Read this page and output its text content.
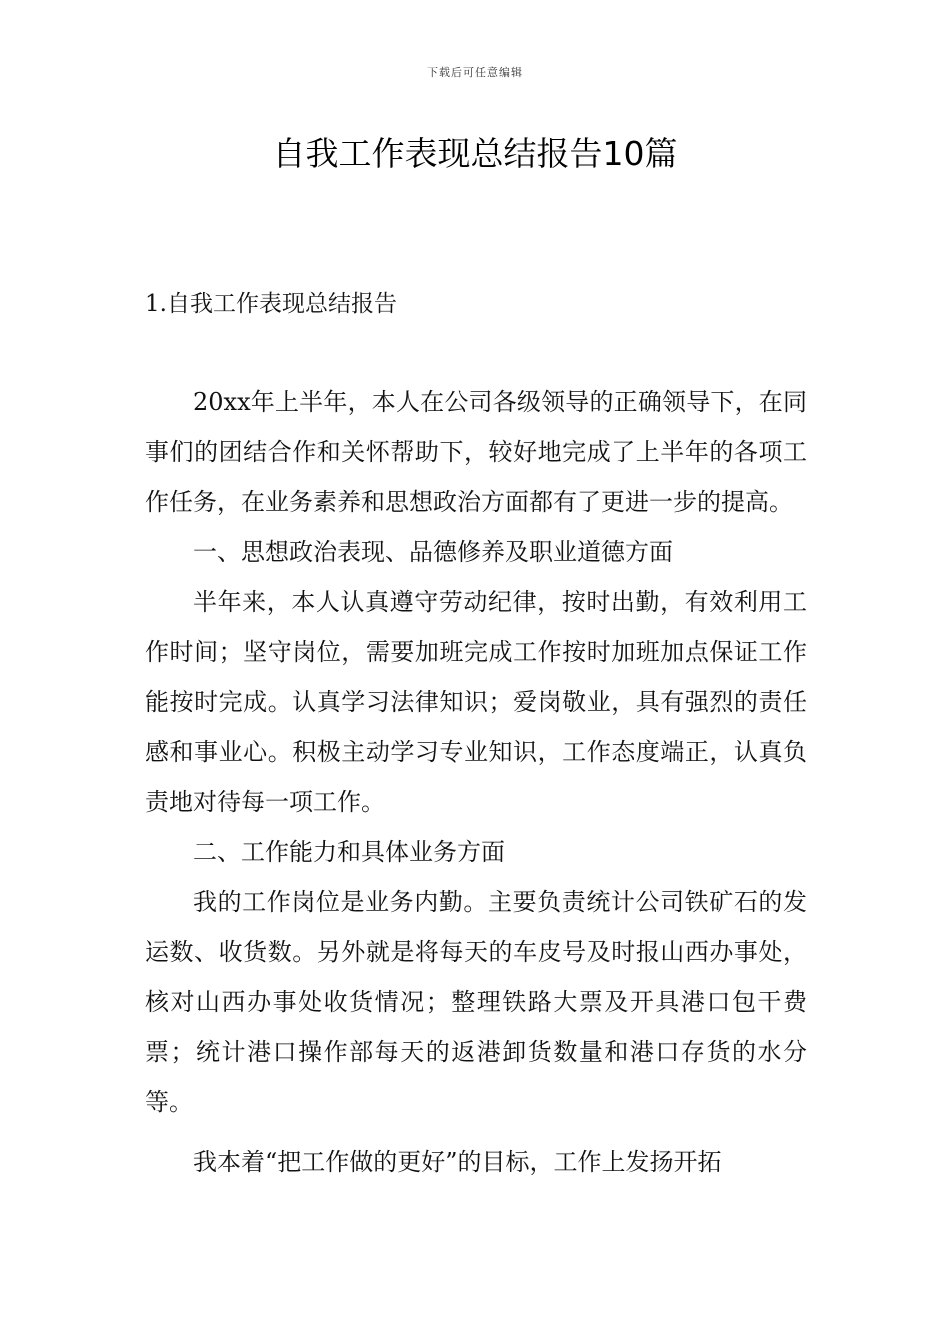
下载后可任意编辑
自我工作表现总结报告10篇
1.自我工作表现总结报告

20xx年上半年，本人在公司各级领导的正确领导下，在同事们的团结合作和关怀帮助下，较好地完成了上半年的各项工作任务，在业务素养和思想政治方面都有了更进一步的提高。

一、思想政治表现、品德修养及职业道德方面

半年来，本人认真遵守劳动纪律，按时出勤，有效利用工作时间；坚守岗位，需要加班完成工作按时加班加点保证工作能按时完成。认真学习法律知识；爱岗敬业，具有强烈的责任感和事业心。积极主动学习专业知识，工作态度端正，认真负责地对待每一项工作。

二、工作能力和具体业务方面

我的工作岗位是业务内勤。主要负责统计公司铁矿石的发运数、收货数。另外就是将每天的车皮号及时报山西办事处，核对山西办事处收货情况；整理铁路大票及开具港口包干费票；统计港口操作部每天的返港卸货数量和港口存货的水分等。

我本着“把工作做的更好”的目标，工作上发扬开拓
